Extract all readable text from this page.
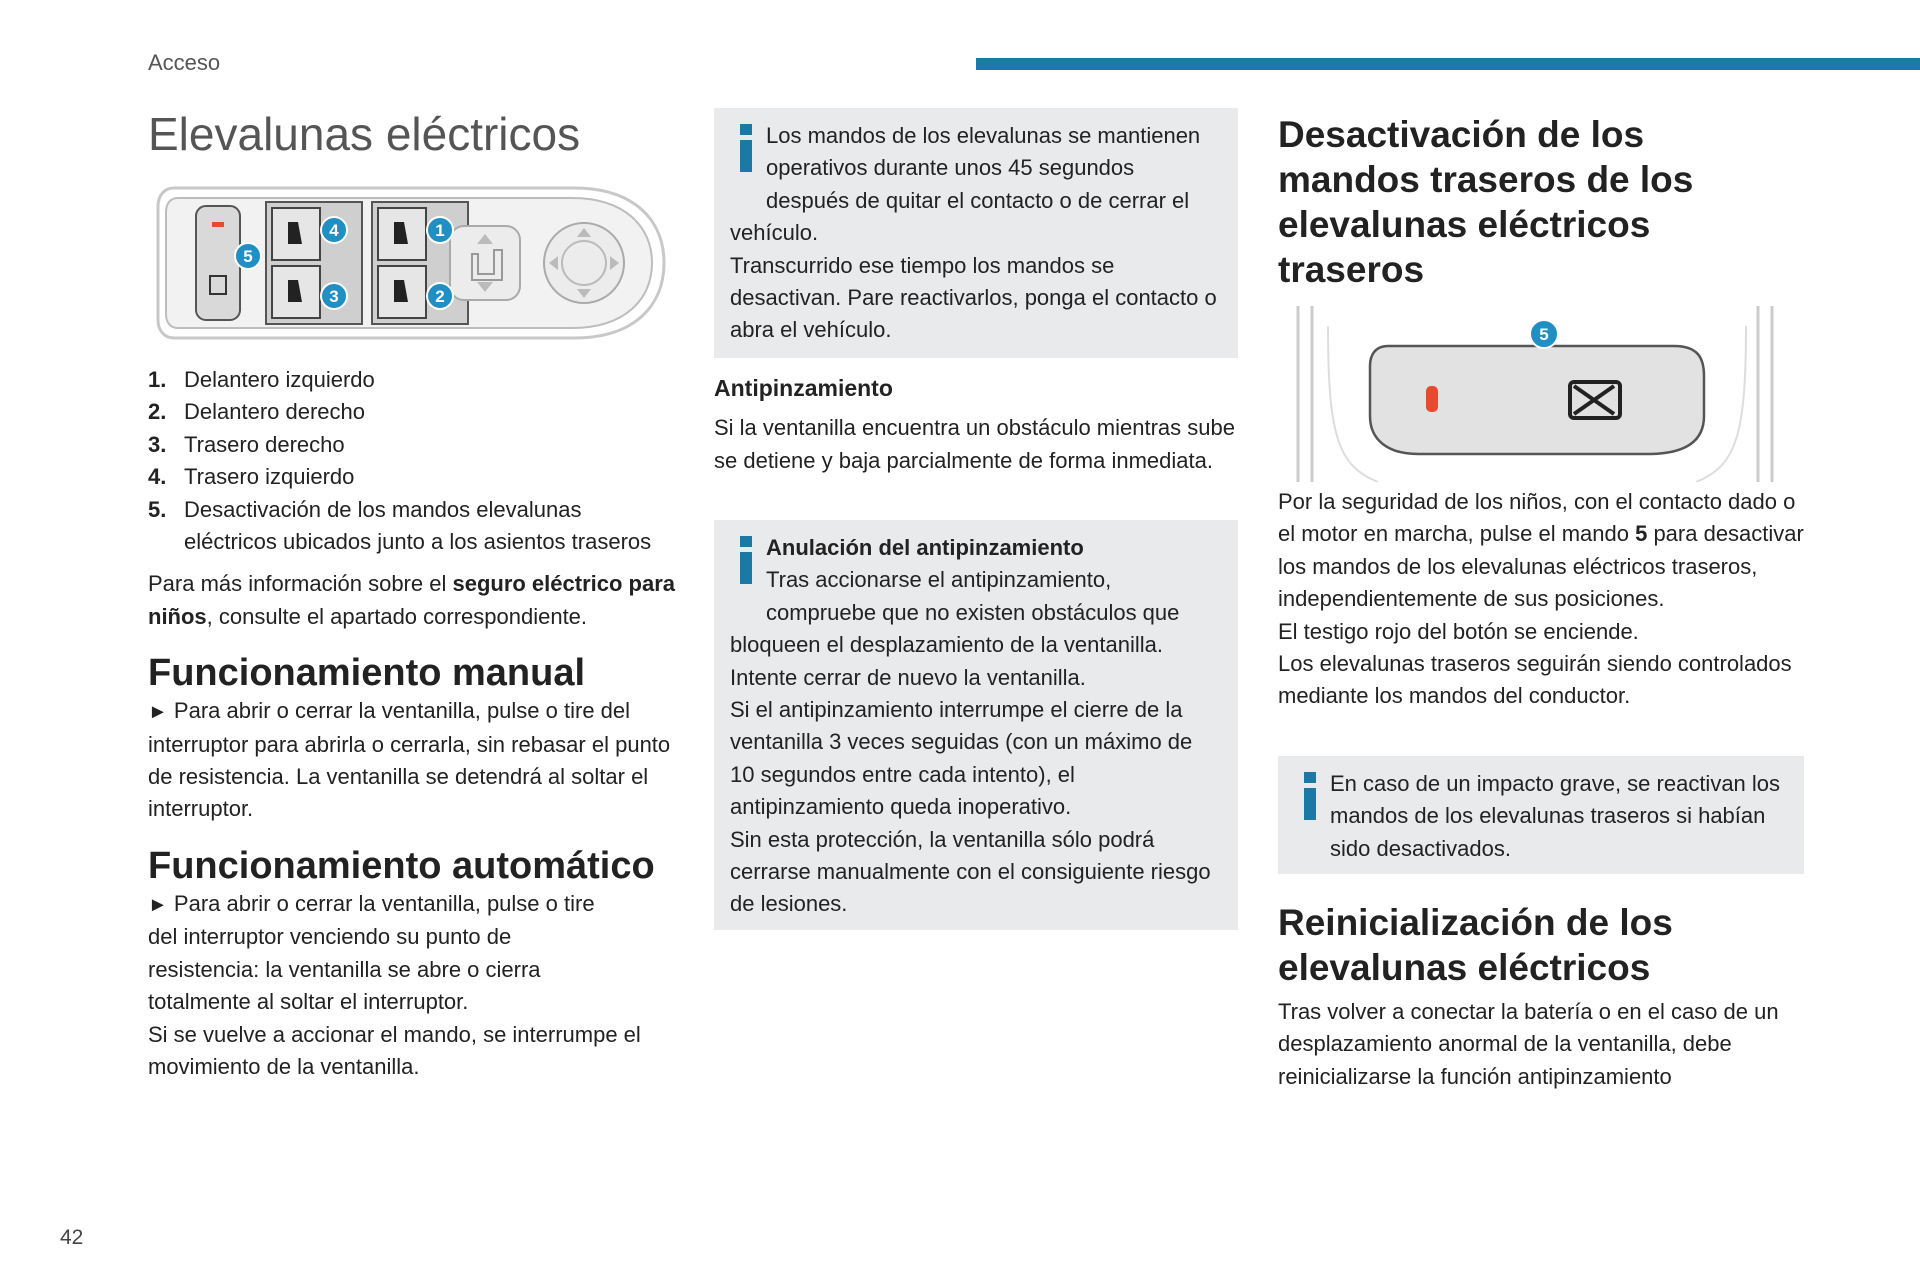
Acceso
Elevalunas eléctricos
5
4
3
1
2
1. Delantero izquierdo
2. Delantero derecho
3. Trasero derecho
4. Trasero izquierdo
5. Desactivación de los mandos elevalunas eléctricos ubicados junto a los asientos traseros

Para más información sobre el seguro eléctrico para niños, consulte el apartado correspondiente.

Funcionamiento manual

► Para abrir o cerrar la ventanilla, pulse o tire del interruptor para abrirla o cerrarla, sin rebasar el punto de resistencia. La ventanilla se detendrá al soltar el interruptor.

Funcionamiento automático

► Para abrir o cerrar la ventanilla, pulse o tire del interruptor venciendo su punto de resistencia: la ventanilla se abre o cierra totalmente al soltar el interruptor.

Si se vuelve a accionar el mando, se interrumpe el movimiento de la ventanilla.

Los mandos de los elevalunas se mantienen operativos durante unos 45 segundos después de quitar el contacto o de cerrar el vehículo.

Transcurrido ese tiempo los mandos se desactivan. Pare reactivarlos, ponga el contacto o abra el vehículo.

Antipinzamiento

Si la ventanilla encuentra un obstáculo mientras sube se detiene y baja parcialmente de forma inmediata.

Anulación del antipinzamiento

Tras accionarse el antipinzamiento, compruebe que no existen obstáculos que bloqueen el desplazamiento de la ventanilla.

Intente cerrar de nuevo la ventanilla.

Si el antipinzamiento interrumpe el cierre de la ventanilla 3 veces seguidas (con un máximo de 10 segundos entre cada intento), el antipinzamiento queda inoperativo.

Sin esta protección, la ventanilla sólo podrá cerrarse manualmente con el consiguiente riesgo de lesiones.

Desactivación de los mandos traseros de los elevalunas eléctricos traseros
5

Por la seguridad de los niños, con el contacto dado o el motor en marcha, pulse el mando 5 para desactivar los mandos de los elevalunas eléctricos traseros, independientemente de sus posiciones.

El testigo rojo del botón se enciende.

Los elevalunas traseros seguirán siendo controlados mediante los mandos del conductor.

En caso de un impacto grave, se reactivan los mandos de los elevalunas traseros si habían sido desactivados.

Reinicialización de los elevalunas eléctricos

Tras volver a conectar la batería o en el caso de un desplazamiento anormal de la ventanilla, debe reinicializarse la función antipinzamiento

42
